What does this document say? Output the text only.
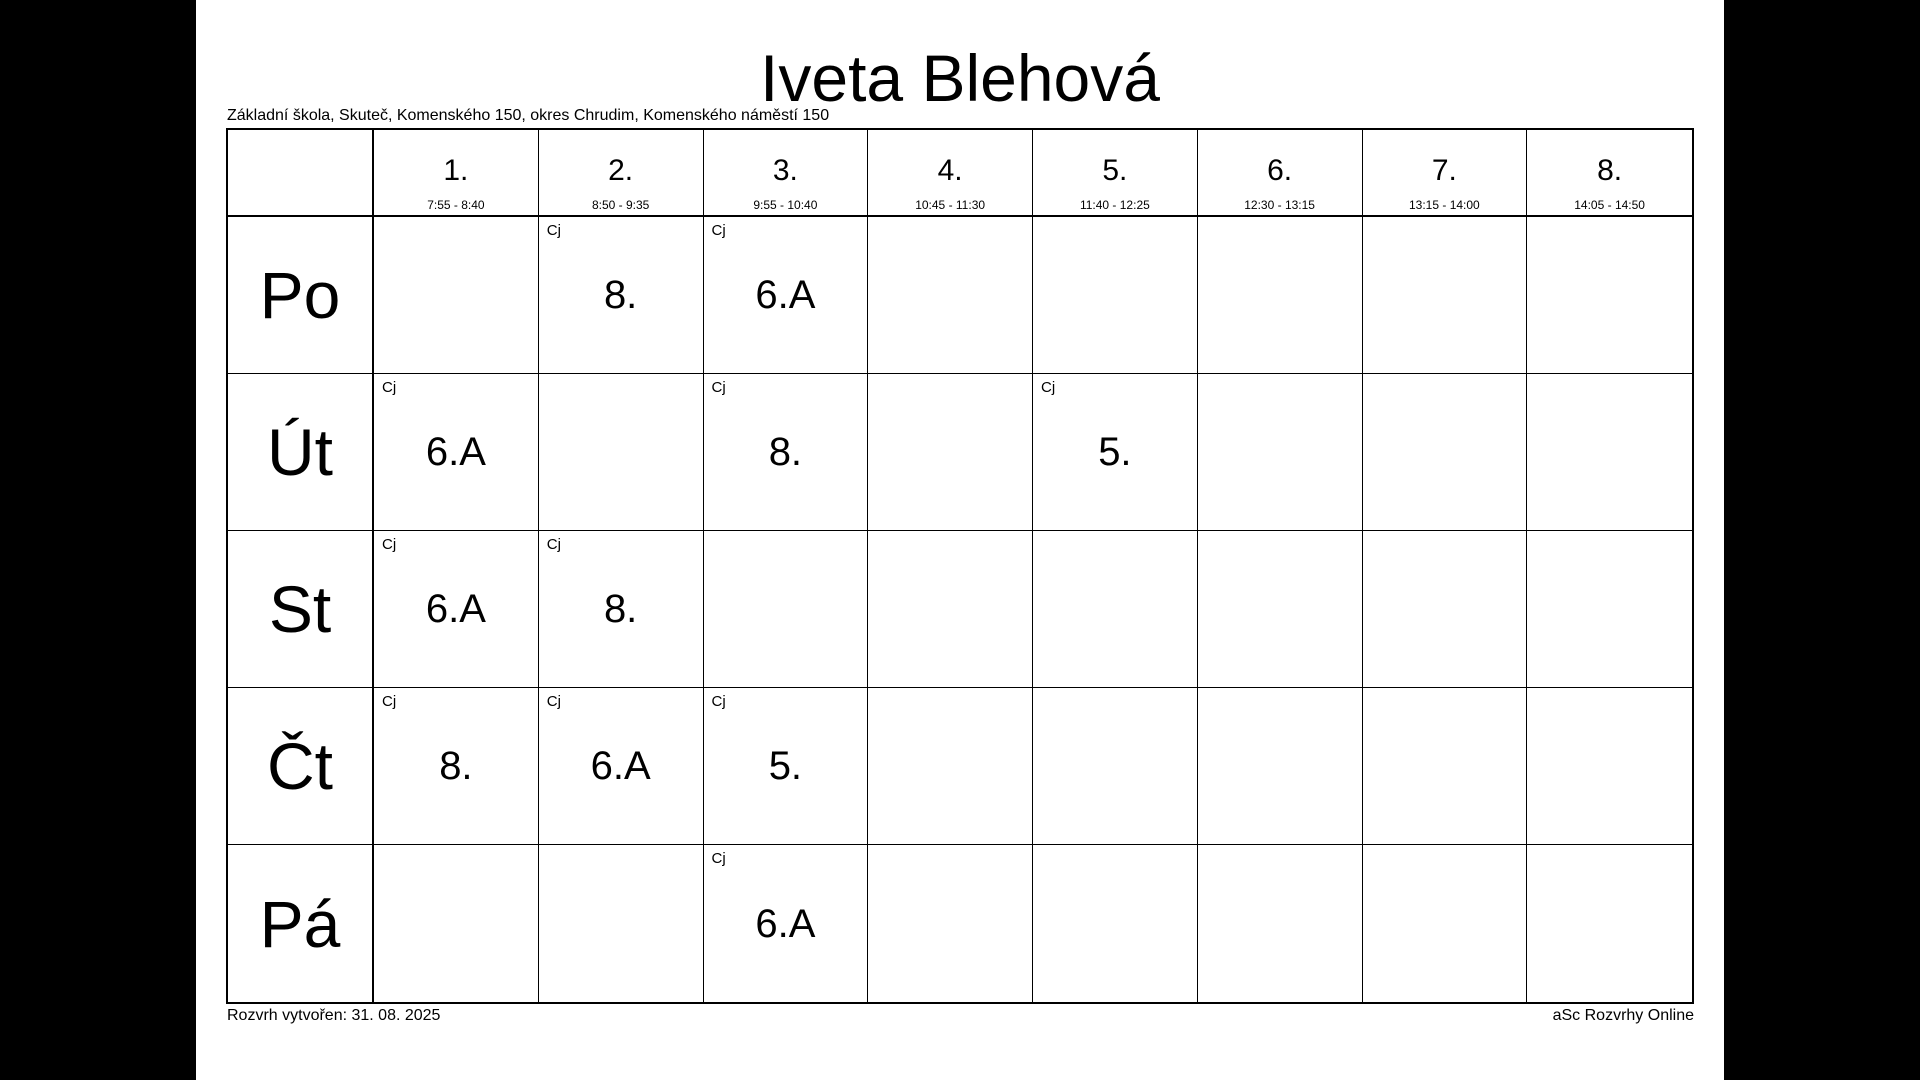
Iveta Blehová
Základní škola, Skuteč, Komenského 150, okres Chrudim, Komenského náměstí 150
1.
7:55 - 8:40
2.
8:50 - 9:35
3.
9:55 - 10:40
4.
10:45 - 11:30
5.
11:40 - 12:25
6.
12:30 - 13:15
7.
13:15 - 14:00
8.
14:05 - 14:50
Po
Cj
8.
Cj
6.A
Út
Cj
6.A
Cj
8.
Cj
5.
St
Cj
6.A
Cj
8.
Čt
Cj
8.
Cj
6.A
Cj
5.
Pá
Cj
6.A
Rozvrh vytvořen: 31. 08. 2025	aSc Rozvrhy Online
